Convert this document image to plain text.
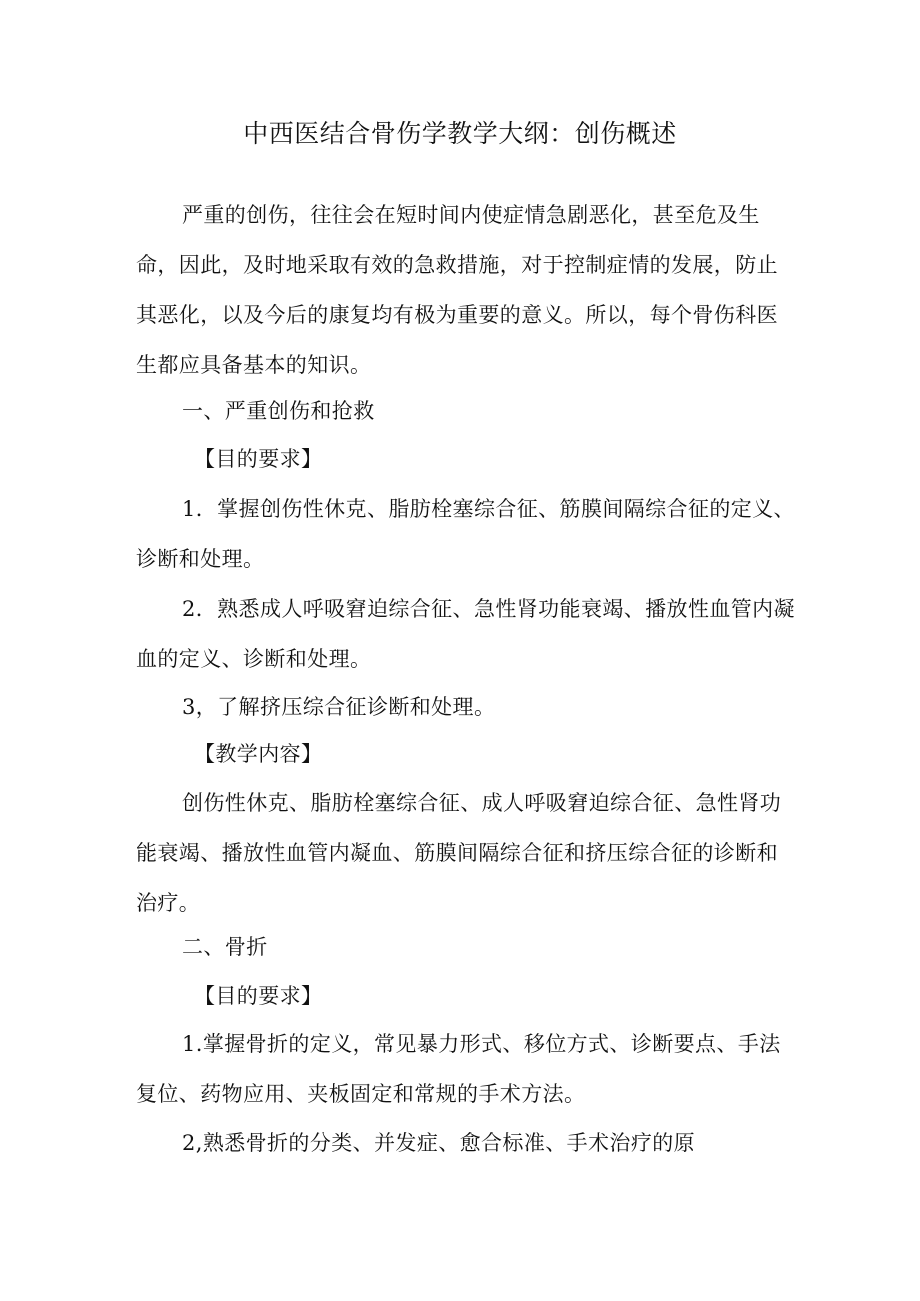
中西医结合骨伤学教学大纲：创伤概述
严重的创伤，往往会在短时间内使症情急剧恶化，甚至危及生命，因此，及时地采取有效的急救措施，对于控制症情的发展，防止其恶化，以及今后的康复均有极为重要的意义。所以，每个骨伤科医生都应具备基本的知识。
一、严重创伤和抢救
【目的要求】
1．掌握创伤性休克、脂肪栓塞综合征、筋膜间隔综合征的定义、诊断和处理。
2．熟悉成人呼吸窘迫综合征、急性肾功能衰竭、播放性血管内凝血的定义、诊断和处理。
3，了解挤压综合征诊断和处理。
【教学内容】
创伤性休克、脂肪栓塞综合征、成人呼吸窘迫综合征、急性肾功能衰竭、播放性血管内凝血、筋膜间隔综合征和挤压综合征的诊断和治疗。
二、骨折
【目的要求】
1.掌握骨折的定义，常见暴力形式、移位方式、诊断要点、手法复位、药物应用、夹板固定和常规的手术方法。
2,熟悉骨折的分类、并发症、愈合标准、手术治疗的原
